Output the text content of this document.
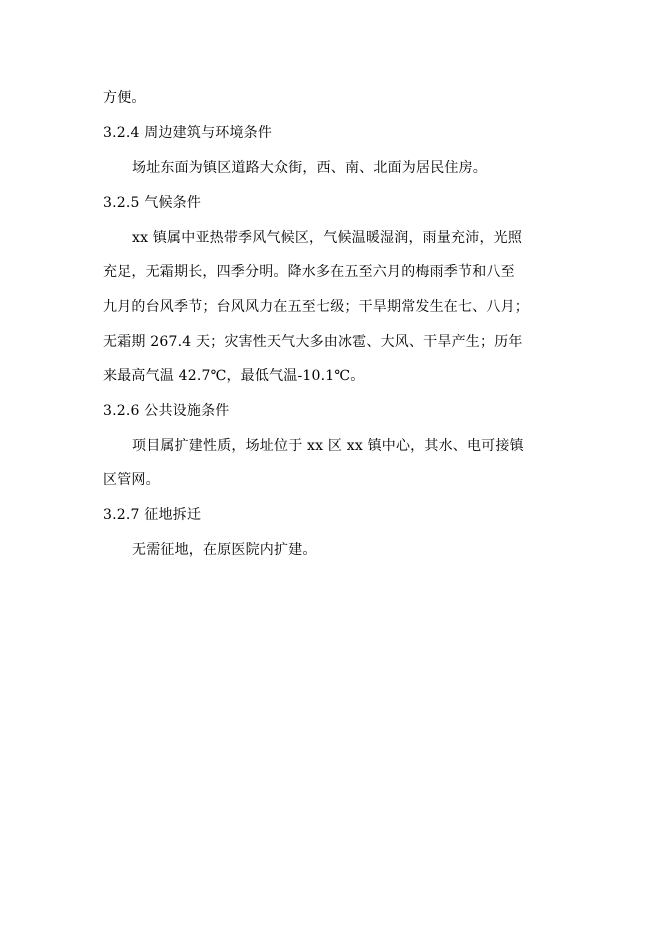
方便。
3.2.4 周边建筑与环境条件
场址东面为镇区道路大众街，西、南、北面为居民住房。
3.2.5 气候条件
xx 镇属中亚热带季风气候区，气候温暖湿润，雨量充沛，光照
充足，无霜期长，四季分明。降水多在五至六月的梅雨季节和八至
九月的台风季节；台风风力在五至七级；干旱期常发生在七、八月；
无霜期 267.4 天；灾害性天气大多由冰雹、大风、干旱产生；历年
来最高气温 42.7℃，最低气温-10.1℃。
3.2.6 公共设施条件
项目属扩建性质，场址位于 xx 区 xx 镇中心，其水、电可接镇
区管网。
3.2.7 征地拆迁
无需征地，在原医院内扩建。
